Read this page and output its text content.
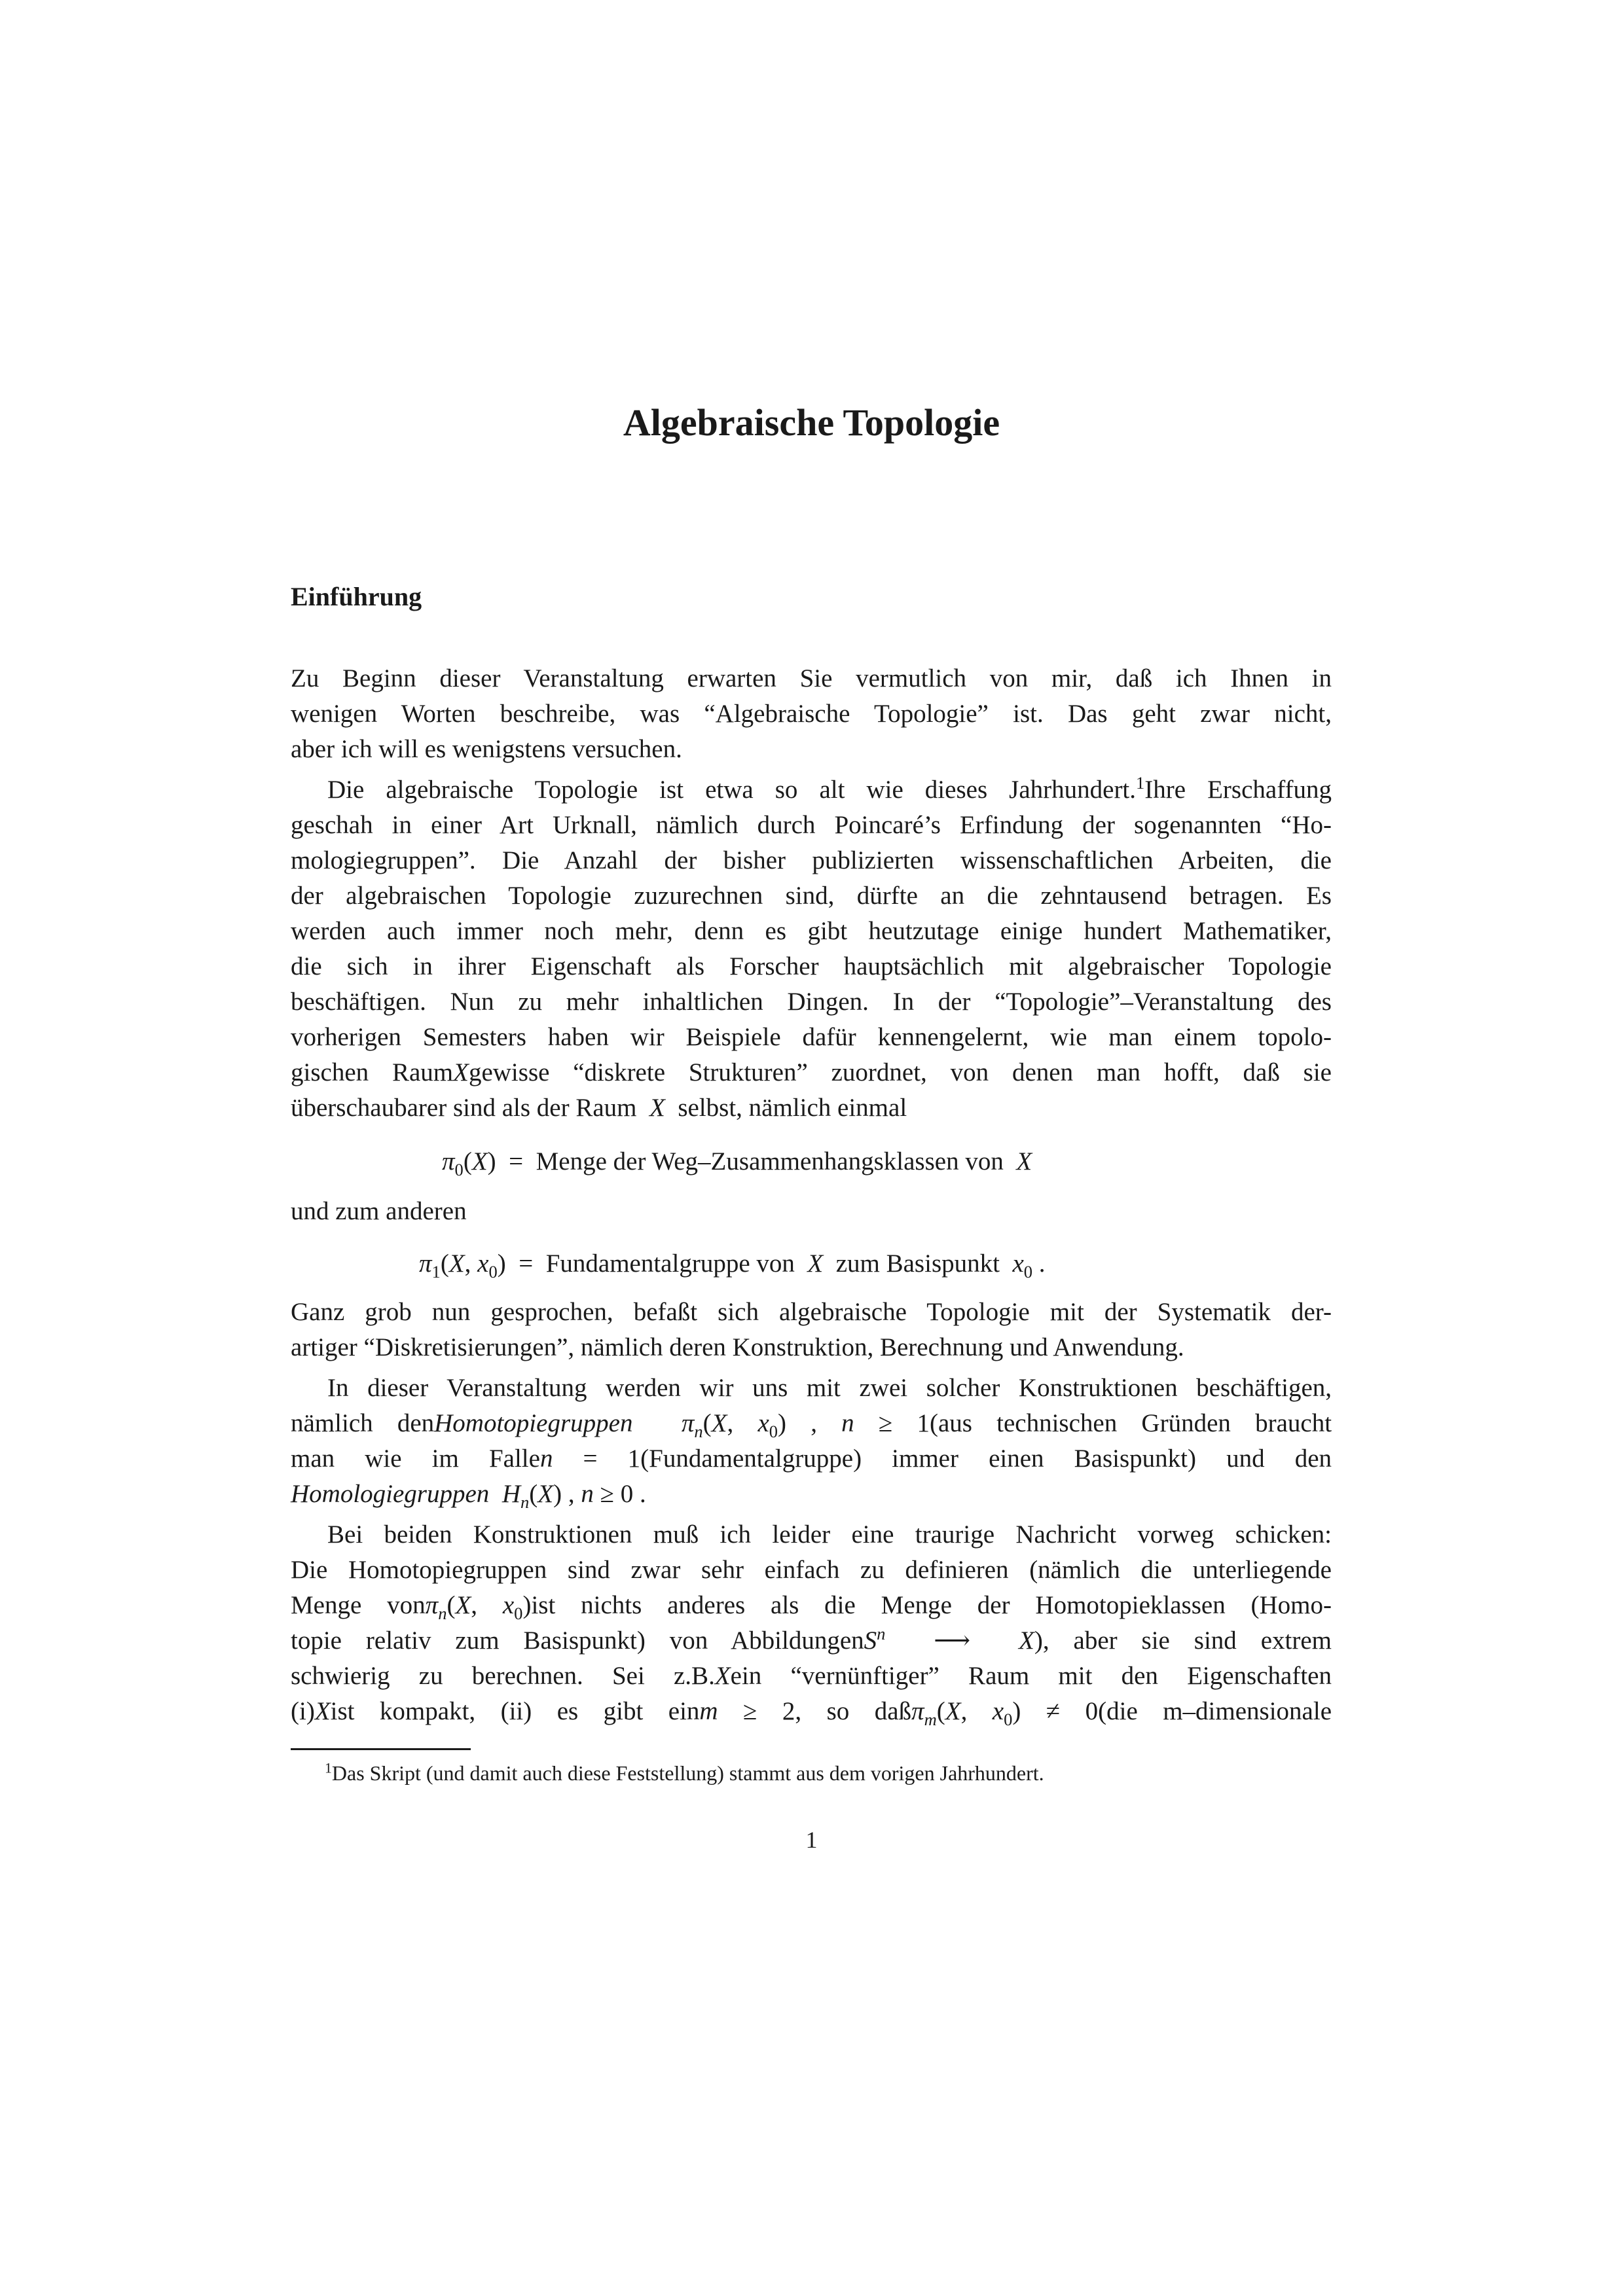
Algebraische Topologie
Einführung

Zu Beginn dieser Veranstaltung erwarten Sie vermutlich von mir, daß ich Ihnen in

wenigen Worten beschreibe, was “Algebraische Topologie” ist. Das geht zwar nicht,

aber ich will es wenigstens versuchen.

Die algebraische Topologie ist etwa so alt wie dieses Jahrhundert.$^1$Ihre Erschaffung

geschah in einer Art Urknall, nämlich durch Poincaré’s Erfindung der sogenannten “Ho-

mologiegruppen”. Die Anzahl der bisher publizierten wissenschaftlichen Arbeiten, die

der algebraischen Topologie zuzurechnen sind, dürfte an die zehntausend betragen. Es

werden auch immer noch mehr, denn es gibt heutzutage einige hundert Mathematiker,

die sich in ihrer Eigenschaft als Forscher hauptsächlich mit algebraischer Topologie

beschäftigen. Nun zu mehr inhaltlichen Dingen. In der “Topologie”–Veranstaltung des

vorherigen Semesters haben wir Beispiele dafür kennengelernt, wie man einem topolo-

gischen RaumXgewisse “diskrete Strukturen” zuordnet, von denen man hofft, daß sie

überschaubarer sind als der Raum X selbst, nämlich einmal

$\pi_0(X)$  =  Menge der Weg–Zusammenhangsklassen von X

und zum anderen

$\pi_1(X$, $x_0$)  =  Fundamentalgruppe von X zum Basispunkt $x_0$ .

Ganz grob nun gesprochen, befaßt sich algebraische Topologie mit der Systematik der-

artiger “Diskretisierungen”, nämlich deren Konstruktion, Berechnung und Anwendung.

In dieser Veranstaltung werden wir uns mit zwei solcher Konstruktionen beschäftigen,

nämlich denHomotopiegruppen $\pi_n(X$, $x_0$) , n ≥ 1(aus technischen Gründen braucht

man wie im Fallen = 1(Fundamentalgruppe) immer einen Basispunkt) und den

Homologiegruppen $H_n(X)$ , n ≥ 0 .

Bei beiden Konstruktionen muß ich leider eine traurige Nachricht vorweg schicken:

Die Homotopiegruppen sind zwar sehr einfach zu definieren (nämlich die unterliegende

Menge vonπ$_n$(X, $x_0)ist$ nichts anderes als die Menge der Homotopieklassen (Homo-

topie relativ zum Basispunkt) von AbbildungenS$^n$  ⟶  X), aber sie sind extrem

schwierig zu berechnen. Sei z.B.Xein “vernünftiger” Raum mit den Eigenschaften

(i)Xist kompakt, (ii) es gibt einm ≥ 2, so daßπ$_m$(X, $x_0) \ne 0(die$ m–dimensionale

$^1$Das Skript (und damit auch diese Feststellung) stammt aus dem vorigen Jahrhundert.

1
